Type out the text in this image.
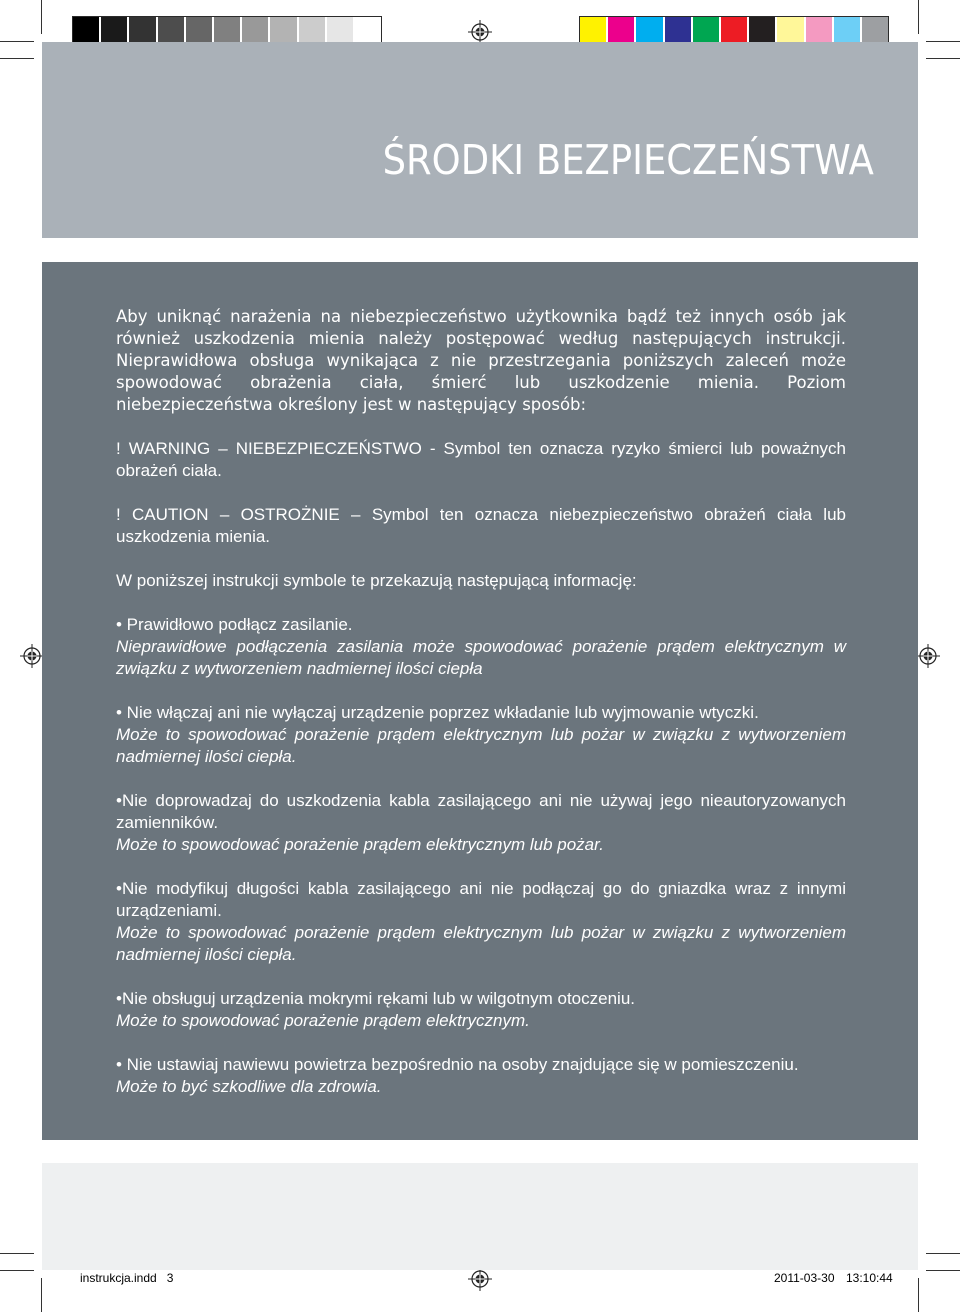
ŚRODKI BEZPIECZEŃSTWA

Aby uniknąć narażenia na niebezpieczeństwo użytkownika bądź też innych osób jak również uszkodzenia mienia należy postępować według następujących instrukcji. Nieprawidłowa obsługa wynikająca z nie przestrzegania poniższych zaleceń może spowodować obrażenia ciała, śmierć lub uszkodzenie mienia. Poziom niebezpieczeństwa określony jest w następujący sposób:

! WARNING – NIEBEZPIECZEŃSTWO - Symbol ten oznacza ryzyko śmierci lub poważnych obrażeń ciała.

! CAUTION – OSTROŻNIE – Symbol ten oznacza niebezpieczeństwo obrażeń ciała lub uszkodzenia mienia.

W poniższej instrukcji symbole te przekazują następującą informację:

• Prawidłowo podłącz zasilanie.

Nieprawidłowe podłączenia zasilania może spowodować porażenie prądem elektrycznym w związku z wytworzeniem nadmiernej ilości ciepła

• Nie włączaj ani nie wyłączaj urządzenie poprzez wkładanie lub wyjmowanie wtyczki.

Może to spowodować porażenie prądem elektrycznym lub pożar w związku z wytworzeniem nadmiernej ilości ciepła.

•Nie doprowadzaj do uszkodzenia kabla zasilającego ani nie używaj jego nieautoryzowanych zamienników.

Może to spowodować porażenie prądem elektrycznym lub pożar.

•Nie modyfikuj długości kabla zasilającego ani nie podłączaj go do gniazdka wraz z innymi urządzeniami.

Może to spowodować porażenie prądem elektrycznym lub pożar w związku z wytworzeniem nadmiernej ilości ciepła.

•Nie obsługuj urządzenia mokrymi rękami lub w wilgotnym otoczeniu.

Może to spowodować porażenie prądem elektrycznym.

• Nie ustawiaj nawiewu powietrza bezpośrednio na osoby znajdujące się w pomieszczeniu.

Może to być szkodliwe dla zdrowia.

instrukcja.indd   3	2011-03-30 13:10:44
